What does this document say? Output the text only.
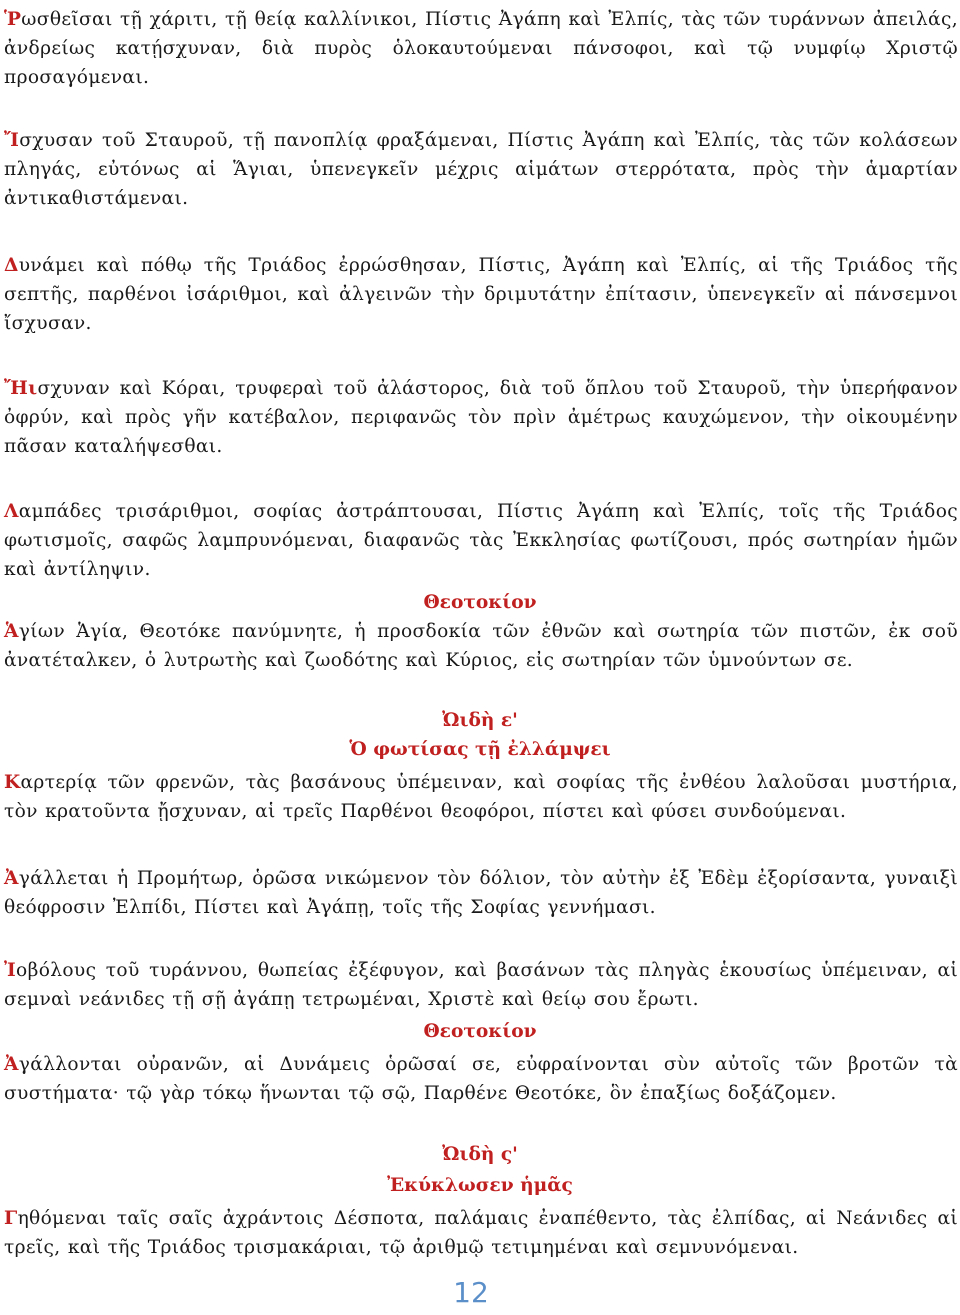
Ῥωσθεῖσαι τῇ χάριτι, τῇ θείᾳ καλλίνικοι, Πίστις Ἀγάπη καὶ Ἐλπίς, τὰς τῶν τυράννων ἀπειλάς, ἀνδρείως κατῄσχυναν, διὰ πυρὸς ὁλοκαυτούμεναι πάνσοφοι, καὶ τῷ νυμφίῳ Χριστῷ προσαγόμεναι.
Ἴσχυσαν τοῦ Σταυροῦ, τῇ πανοπλίᾳ φραξάμεναι, Πίστις Ἀγάπη καὶ Ἐλπίς, τὰς τῶν κολάσεων πληγάς, εὐτόνως αἱ Ἅγιαι, ὑπενεγκεῖν μέχρις αἱμάτων στερρότατα, πρὸς τὴν ἁμαρτίαν ἀντικαθιστάμεναι.
Δυνάμει καὶ πόθῳ τῆς Τριάδος ἐρρώσθησαν, Πίστις, Ἀγάπη καὶ Ἐλπίς, αἱ τῆς Τριάδος τῆς σεπτῆς, παρθένοι ἰσάριθμοι, καὶ ἀλγεινῶν τὴν δριμυτάτην ἐπίτασιν, ὑπενεγκεῖν αἱ πάνσεμνοι ἴσχυσαν.
Ἤισχυναν καὶ Κόραι, τρυφεραὶ τοῦ ἀλάστορος, διὰ τοῦ ὅπλου τοῦ Σταυροῦ, τὴν ὑπερήφανον ὀφρύν, καὶ πρὸς γῆν κατέβαλον, περιφανῶς τὸν πρὶν ἀμέτρως καυχώμενον, τὴν οἰκουμένην πᾶσαν καταλήψεσθαι.
Λαμπάδες τρισάριθμοι, σοφίας ἀστράπτουσαι, Πίστις Ἀγάπη καὶ Ἐλπίς, τοῖς τῆς Τριάδος φωτισμοῖς, σαφῶς λαμπρυνόμεναι, διαφανῶς τὰς Ἐκκλησίας φωτίζουσι, πρός σωτηρίαν ἡμῶν καὶ ἀντίληψιν.
Θεοτοκίον
Ἁγίων Ἁγία, Θεοτόκε πανύμνητε, ἡ προσδοκία τῶν ἐθνῶν καὶ σωτηρία τῶν πιστῶν, ἐκ σοῦ ἀνατέταλκεν, ὁ λυτρωτὴς καὶ ζωοδότης καὶ Κύριος, εἰς σωτηρίαν τῶν ὑμνούντων σε.
Ὠιδὴ ε'
Ὁ φωτίσας τῇ ἐλλάμψει
Καρτερίᾳ τῶν φρενῶν, τὰς βασάνους ὑπέμειναν, καὶ σοφίας τῆς ἐνθέου λαλοῦσαι μυστήρια, τὸν κρατοῦντα ᾔσχυναν, αἱ τρεῖς Παρθένοι θεοφόροι, πίστει καὶ φύσει συνδούμεναι.
Ἀγάλλεται ἡ Προμήτωρ, ὁρῶσα νικώμενον τὸν δόλιον, τὸν αὐτὴν ἐξ Ἐδὲμ ἐξορίσαντα, γυναιξὶ θεόφροσιν Ἐλπίδι, Πίστει καὶ Ἀγάπῃ, τοῖς τῆς Σοφίας γεννήμασι.
Ἰοβόλους τοῦ τυράννου, θωπείας ἐξέφυγον, καὶ βασάνων τὰς πληγὰς ἑκουσίως ὑπέμειναν, αἱ σεμναὶ νεάνιδες τῇ σῇ ἀγάπῃ τετρωμέναι, Χριστὲ καὶ θείῳ σου ἔρωτι.
Θεοτοκίον
Ἀγάλλονται οὐρανῶν, αἱ Δυνάμεις ὁρῶσαί σε, εὐφραίνονται σὺν αὐτοῖς τῶν βροτῶν τὰ συστήματα· τῷ γὰρ τόκῳ ἥνωνται τῷ σῷ, Παρθένε Θεοτόκε, ὃν ἐπαξίως δοξάζομεν.
Ὠιδὴ ς'
Ἐκύκλωσεν ἡμᾶς
Γηθόμεναι ταῖς σαῖς ἀχράντοις Δέσποτα, παλάμαις ἐναπέθεντο, τὰς ἐλπίδας, αἱ Νεάνιδες αἱ τρεῖς, καὶ τῆς Τριάδος τρισμακάριαι, τῷ ἀριθμῷ τετιμημέναι καὶ σεμνυνόμεναι.
12
